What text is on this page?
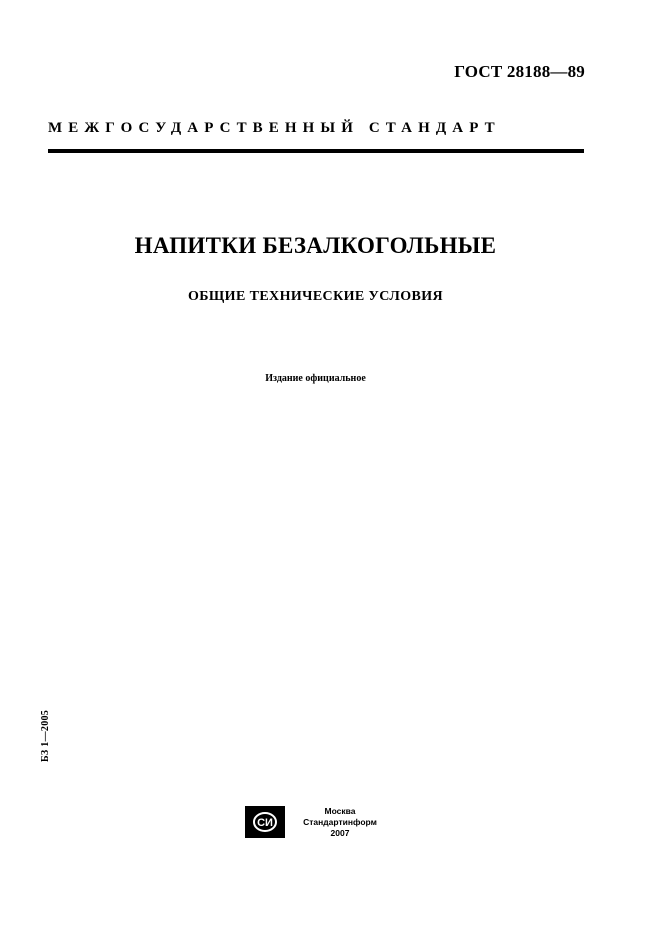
ГОСТ 28188—89
МЕЖГОСУДАРСТВЕННЫЙ СТАНДАРТ
НАПИТКИ БЕЗАЛКОГОЛЬНЫЕ
ОБЩИЕ ТЕХНИЧЕСКИЕ УСЛОВИЯ
Издание официальное
БЗ 1—2005
СИ
Москва
Стандартинформ
2007
